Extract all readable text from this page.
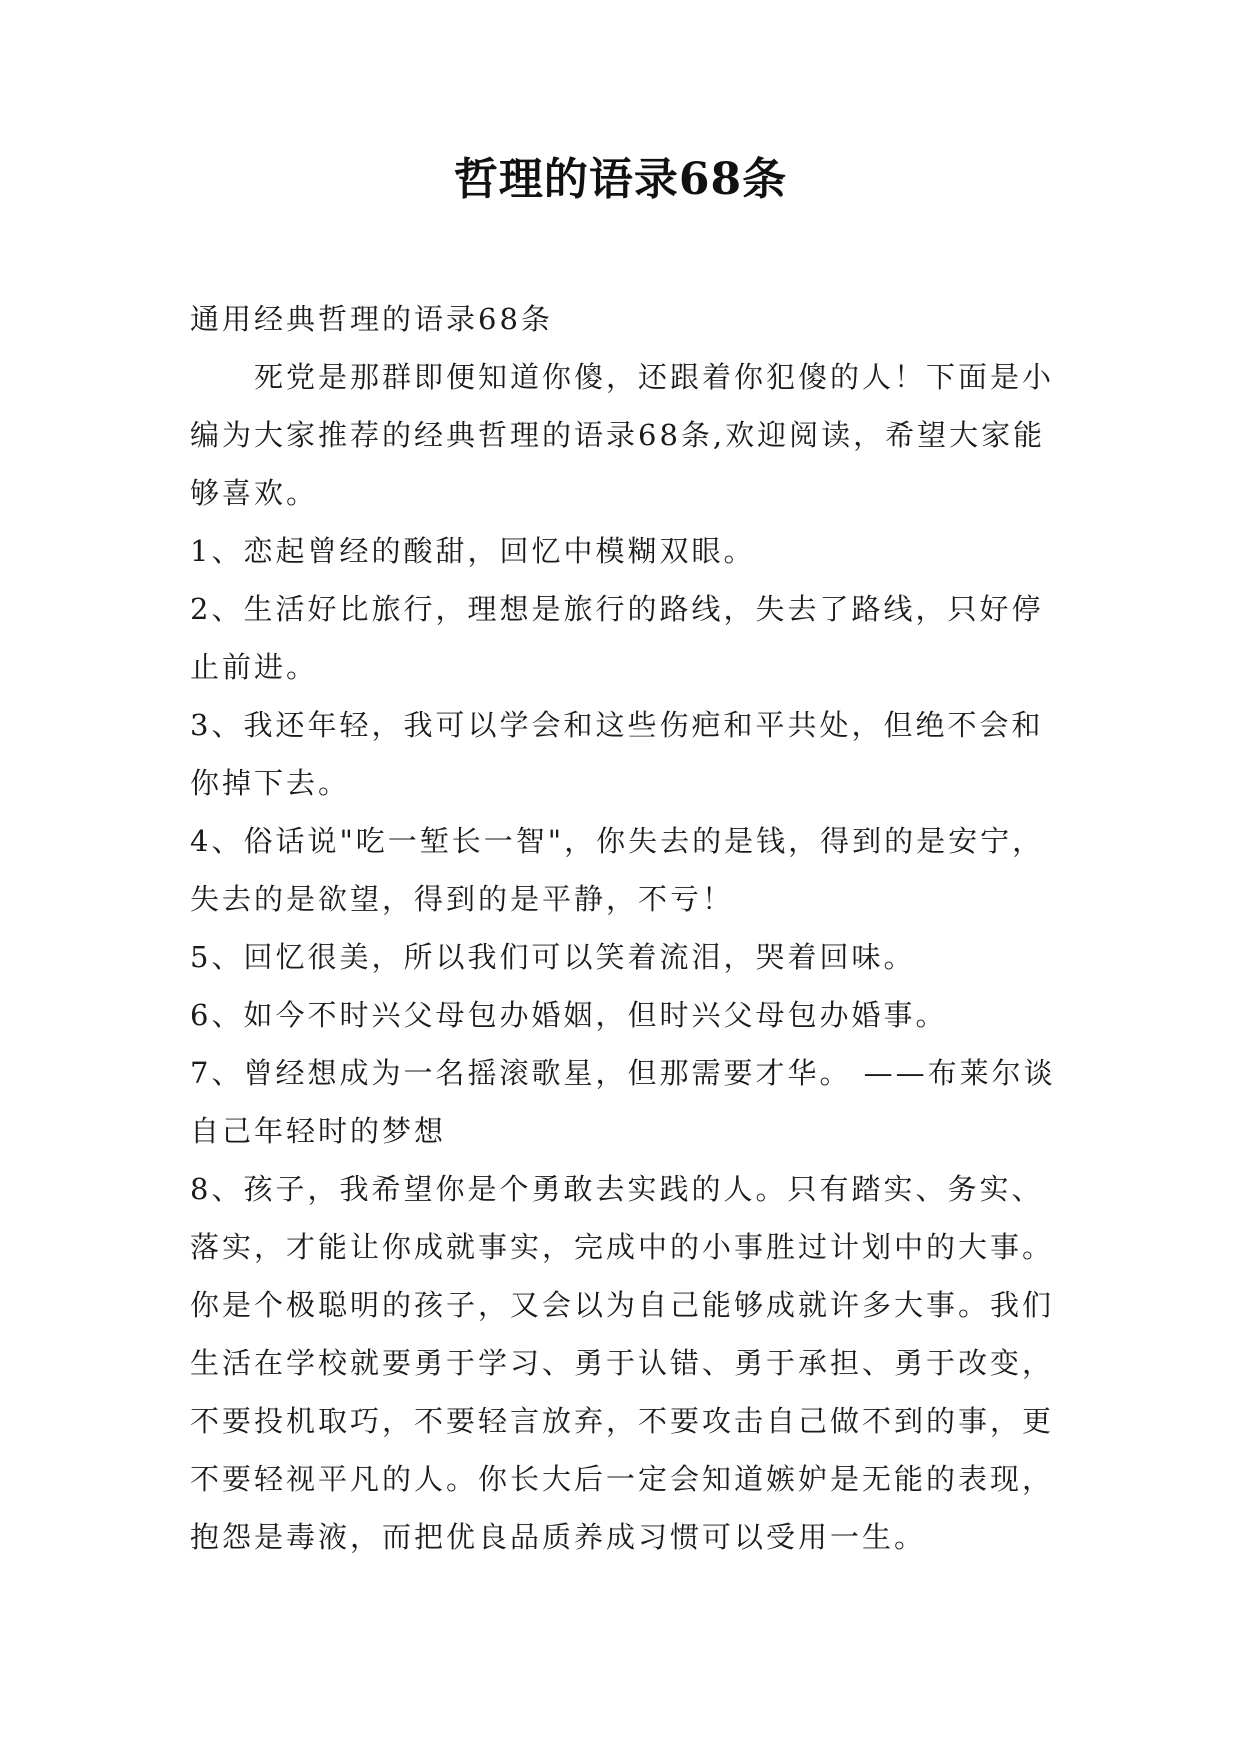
哲理的语录68条

通用经典哲理的语录68条

死党是那群即便知道你傻，还跟着你犯傻的人！下面是小编为大家推荐的经典哲理的语录68条,欢迎阅读，希望大家能够喜欢。

1、恋起曾经的酸甜，回忆中模糊双眼。

2、生活好比旅行，理想是旅行的路线，失去了路线，只好停止前进。

3、我还年轻，我可以学会和这些伤疤和平共处，但绝不会和你掉下去。

4、俗话说"吃一堑长一智"，你失去的是钱，得到的是安宁，失去的是欲望，得到的是平静，不亏！

5、回忆很美，所以我们可以笑着流泪，哭着回味。

6、如今不时兴父母包办婚姻，但时兴父母包办婚事。

7、曾经想成为一名摇滚歌星，但那需要才华。 ——布莱尔谈自己年轻时的梦想

8、孩子，我希望你是个勇敢去实践的人。只有踏实、务实、落实，才能让你成就事实，完成中的小事胜过计划中的大事。你是个极聪明的孩子，又会以为自己能够成就许多大事。我们生活在学校就要勇于学习、勇于认错、勇于承担、勇于改变，不要投机取巧，不要轻言放弃，不要攻击自己做不到的事，更不要轻视平凡的人。你长大后一定会知道嫉妒是无能的表现，抱怨是毒液，而把优良品质养成习惯可以受用一生。
